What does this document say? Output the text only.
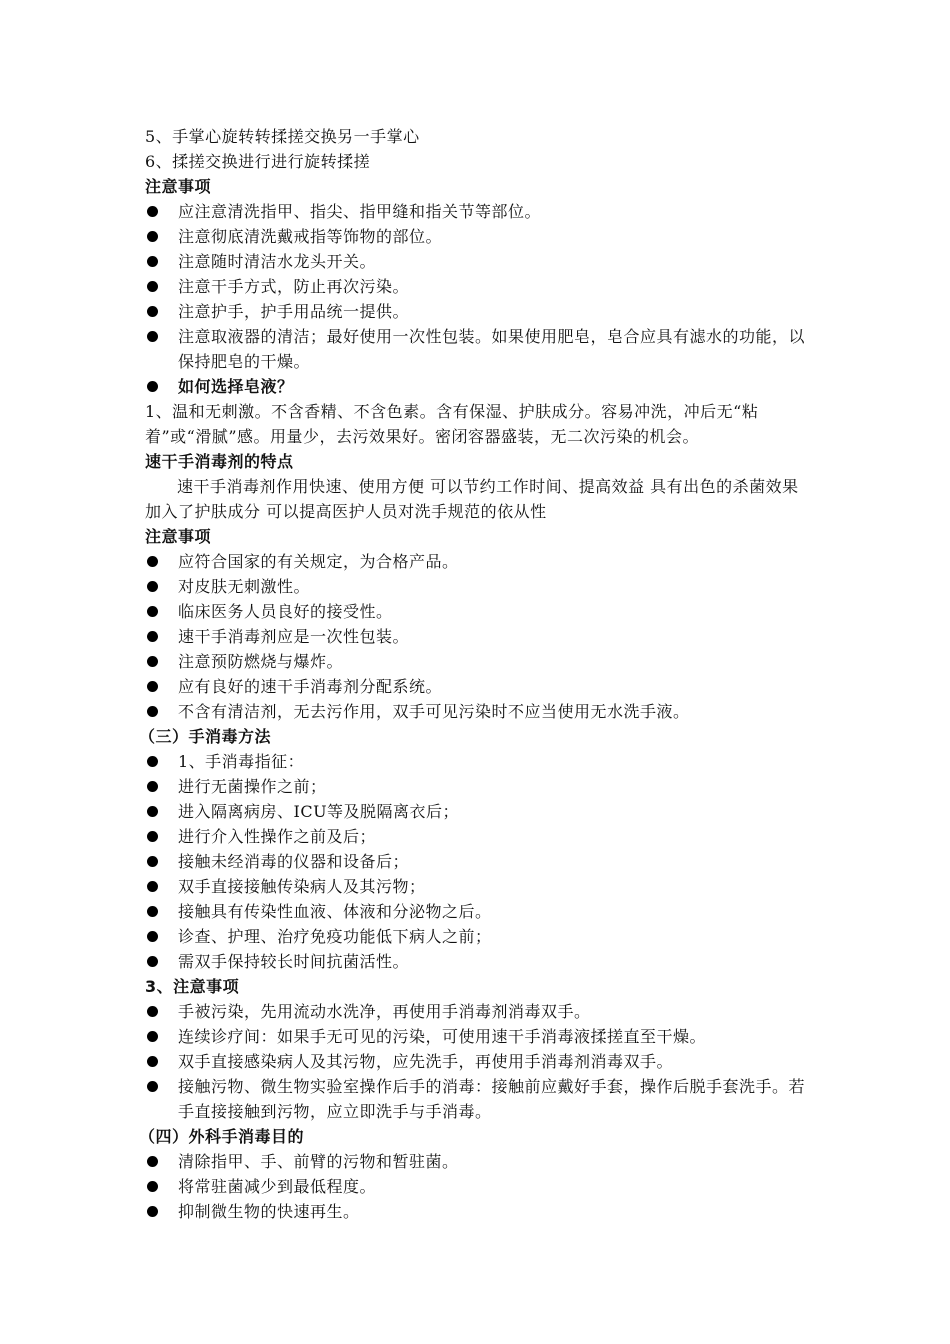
5、手掌心旋转转揉搓交换另一手掌心
6、揉搓交换进行进行旋转揉搓
注意事项
应注意清洗指甲、指尖、指甲缝和指关节等部位。
注意彻底清洗戴戒指等饰物的部位。
注意随时清洁水龙头开关。
注意干手方式，防止再次污染。
注意护手，护手用品统一提供。
注意取液器的清洁；最好使用一次性包装。如果使用肥皂，皂合应具有滤水的功能，以保持肥皂的干燥。
如何选择皂液？
1、温和无刺激。不含香精、不含色素。含有保湿、护肤成分。容易冲洗，冲后无“粘着”或“滑腻”感。用量少，去污效果好。密闭容器盛装，无二次污染的机会。
速干手消毒剂的特点
速干手消毒剂作用快速、使用方便 可以节约工作时间、提高效益 具有出色的杀菌效果 加入了护肤成分 可以提高医护人员对洗手规范的依从性
注意事项
应符合国家的有关规定，为合格产品。
对皮肤无刺激性。
临床医务人员良好的接受性。
速干手消毒剂应是一次性包装。
注意预防燃烧与爆炸。
应有良好的速干手消毒剂分配系统。
不含有清洁剂，无去污作用，双手可见污染时不应当使用无水洗手液。
（三）手消毒方法
1、手消毒指征：
进行无菌操作之前；
进入隔离病房、ICU等及脱隔离衣后；
进行介入性操作之前及后；
接触未经消毒的仪器和设备后；
双手直接接触传染病人及其污物；
接触具有传染性血液、体液和分泌物之后。
诊查、护理、治疗免疫功能低下病人之前；
需双手保持较长时间抗菌活性。
3、注意事项
手被污染，先用流动水洗净，再使用手消毒剂消毒双手。
连续诊疗间：如果手无可见的污染，可使用速干手消毒液揉搓直至干燥。
双手直接感染病人及其污物，应先洗手，再使用手消毒剂消毒双手。
接触污物、微生物实验室操作后手的消毒：接触前应戴好手套，操作后脱手套洗手。若手直接接触到污物，应立即洗手与手消毒。
（四）外科手消毒目的
清除指甲、手、前臂的污物和暂驻菌。
将常驻菌减少到最低程度。
抑制微生物的快速再生。
